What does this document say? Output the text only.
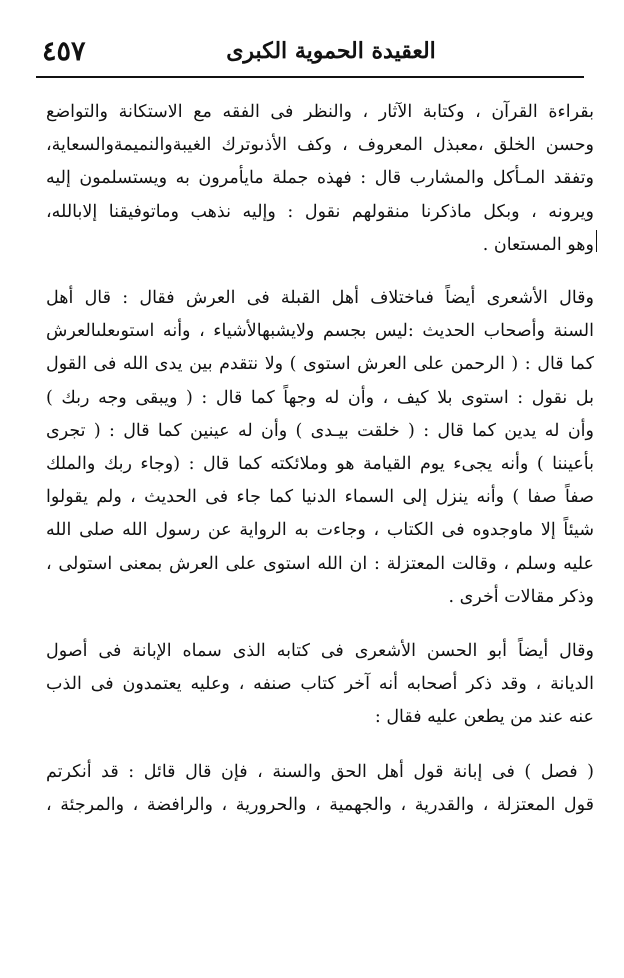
٤٥٧	العقيدة الحموية الكبرى

بقراءة القرآن ، وكتابة الآثار ، والنظر فى الفقه مع الاستكانة والتواضع
وحسن الخلق ،معبذل المعروف ، وكف الأذىوترك الغيبةوالنميمةوالسعاية،
وتفقد المـأكل والمشارب قال : فهذه جملة مايأمرون به ويستسلمون إليه
ويرونه ، وبكل ماذكرنا منقولهم نقول : وإليه نذهب وماتوفيقنا إلابالله،
وهو المستعان .

وقال الأشعرى أيضاً فىاختلاف أهل القبلة فى العرش فقال : قال أهل
السنة وأصحاب الحديث :ليس بجسم ولايشبهالأشياء ، وأنه استوىعلىالعرش
كما قال : ( الرحمن على العرش استوى ) ولا نتقدم بين يدى الله فى القول
بل نقول : استوى بلا كيف ، وأن له وجهاً كما قال : ( ويبقى وجه ربك )
وأن له يدين كما قال : ( خلقت بيـدى ) وأن له عينين كما قال : ( تجرى
بأعيننا ) وأنه يجىء يوم القيامة هو وملائكته كما قال : (وجاء ربك والملك
صفاً صفا ) وأنه ينزل إلى السماء الدنيا كما جاء فى الحديث ، ولم يقولوا
شيئاً إلا ماوجدوه فى الكتاب ، وجاءت به الرواية عن رسول الله صلى الله
عليه وسلم ، وقالت المعتزلة : ان الله استوى على العرش بمعنى استولى ،
وذكر مقالات أخرى .

وقال أيضاً أبو الحسن الأشعرى فى كتابه الذى سماه الإبانة فى أصول
الديانة ، وقد ذكر أصحابه أنه آخر كتاب صنفه ، وعليه يعتمدون فى الذب
عنه عند من يطعن عليه فقال :

( فصل ) فى إبانة قول أهل الحق والسنة ، فإن قال قائل : قد أنكرتم
قول المعتزلة ، والقدرية ، والجهمية ، والحرورية ، والرافضة ، والمرجئة ،
